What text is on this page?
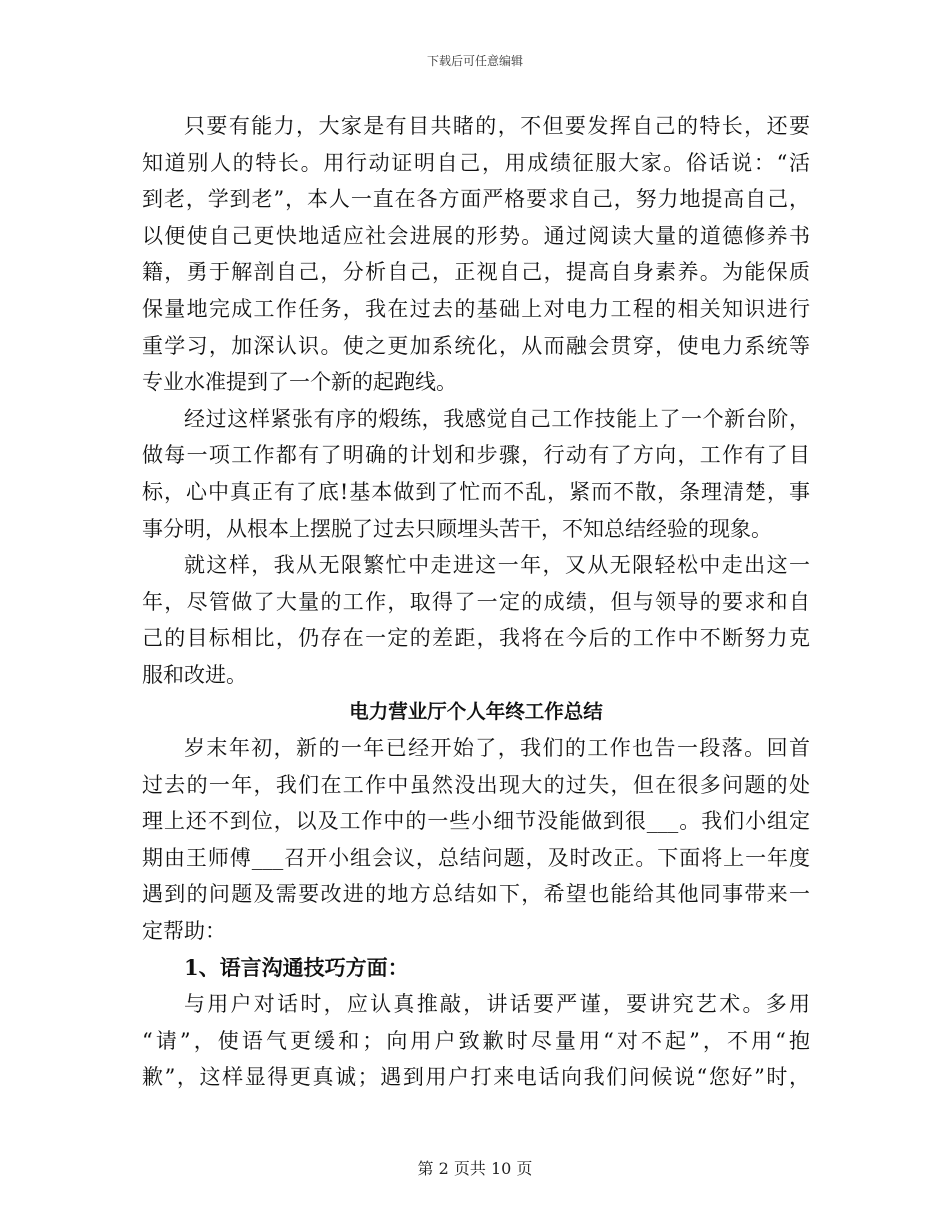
下载后可任意编辑
只要有能力，大家是有目共睹的，不但要发挥自己的特长，还要
知道别人的特长。用行动证明自己，用成绩征服大家。俗话说：“活
到老，学到老”，本人一直在各方面严格要求自己，努力地提高自己，
以便使自己更快地适应社会进展的形势。通过阅读大量的道德修养书
籍，勇于解剖自己，分析自己，正视自己，提高自身素养。为能保质
保量地完成工作任务，我在过去的基础上对电力工程的相关知识进行
重学习，加深认识。使之更加系统化，从而融会贯穿，使电力系统等
专业水准提到了一个新的起跑线。
经过这样紧张有序的煅练，我感觉自己工作技能上了一个新台阶，
做每一项工作都有了明确的计划和步骤，行动有了方向，工作有了目
标，心中真正有了底!基本做到了忙而不乱，紧而不散，条理清楚，事
事分明，从根本上摆脱了过去只顾埋头苦干，不知总结经验的现象。
就这样，我从无限繁忙中走进这一年，又从无限轻松中走出这一
年，尽管做了大量的工作，取得了一定的成绩，但与领导的要求和自
己的目标相比，仍存在一定的差距，我将在今后的工作中不断努力克
服和改进。
电力营业厅个人年终工作总结
岁末年初，新的一年已经开始了，我们的工作也告一段落。回首
过去的一年，我们在工作中虽然没出现大的过失，但在很多问题的处
理上还不到位，以及工作中的一些小细节没能做到很___。我们小组定
期由王师傅___召开小组会议，总结问题，及时改正。下面将上一年度
遇到的问题及需要改进的地方总结如下，希望也能给其他同事带来一
定帮助：
1、语言沟通技巧方面：
与用户对话时，应认真推敲，讲话要严谨，要讲究艺术。多用
“请”，使语气更缓和；向用户致歉时尽量用“对不起”，不用“抱
歉”，这样显得更真诚；遇到用户打来电话向我们问候说“您好”时，
第 2 页共 10 页
